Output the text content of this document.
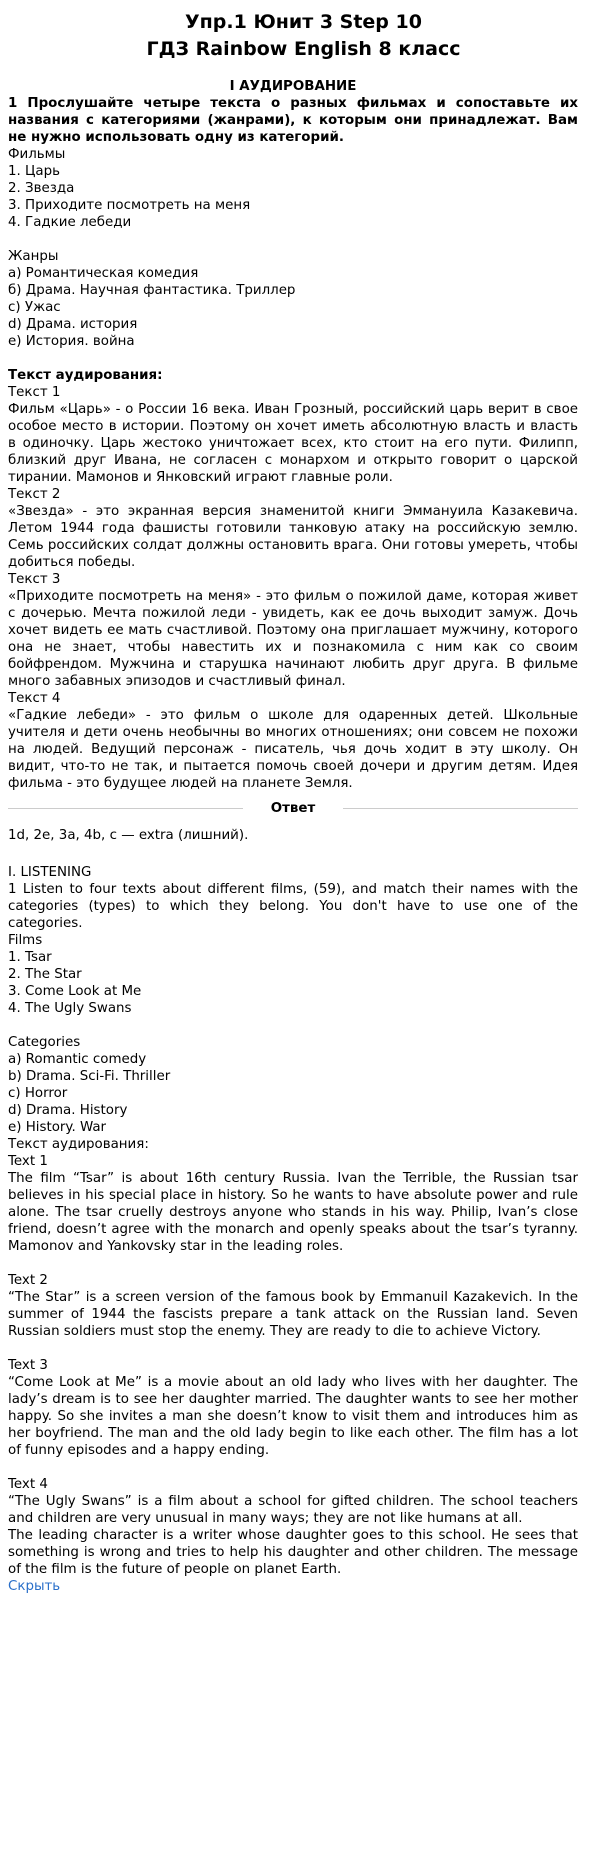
Упр.1 Юнит 3 Step 10
ГДЗ Rainbow English 8 класс
I АУДИРОВАНИЕ

1 Прослушайте четыре текста о разных фильмах и сопоставьте их названия с категориями (жанрами), к которым они принадлежат. Вам не нужно использовать одну из категорий.

Фильмы
1. Царь
2. Звезда
3. Приходите посмотреть на меня
4. Гадкие лебеди
Жанры
а) Романтическая комедия
б) Драма. Научная фантастика. Триллер
c) Ужас
d) Драма. история
e) История. война
Текст аудирования:
Текст 1

Фильм «Царь» - о России 16 века. Иван Грозный, российский царь верит в свое особое место в истории. Поэтому он хочет иметь абсолютную власть и власть в одиночку. Царь жестоко уничтожает всех, кто стоит на его пути. Филипп, близкий друг Ивана, не согласен с монархом и открыто говорит о царской тирании. Мамонов и Янковский играют главные роли.

Текст 2

«Звезда» - это экранная версия знаменитой книги Эммануила Казакевича. Летом 1944 года фашисты готовили танковую атаку на российскую землю. Семь российских солдат должны остановить врага. Они готовы умереть, чтобы добиться победы.

Текст 3

«Приходите посмотреть на меня» - это фильм о пожилой даме, которая живет с дочерью. Мечта пожилой леди - увидеть, как ее дочь выходит замуж. Дочь хочет видеть ее мать счастливой. Поэтому она приглашает мужчину, которого она не знает, чтобы навестить их и познакомила с ним как со своим бойфрендом. Мужчина и старушка начинают любить друг друга. В фильме много забавных эпизодов и счастливый финал.

Текст 4

«Гадкие лебеди» - это фильм о школе для одаренных детей. Школьные учителя и дети очень необычны во многих отношениях; они совсем не похожи на людей. Ведущий персонаж - писатель, чья дочь ходит в эту школу. Он видит, что-то не так, и пытается помочь своей дочери и другим детям. Идея фильма - это будущее людей на планете Земля.

Ответ
1d, 2e, 3a, 4b, c — extra (лишний).
I. LISTENING

1 Listen to four texts about different films, (59), and match their names with the categories (types) to which they belong. You don't have to use one of the categories.

Films
1. Tsar
2. The Star
3. Come Look at Me
4. The Ugly Swans
Categories
a) Romantic comedy
b) Drama. Sci-Fi. Thriller
c) Horror
d) Drama. History
e) History. War
Текст аудирования:
Text 1

The film “Tsar” is about 16th century Russia. Ivan the Terrible, the Russian tsar believes in his special place in history. So he wants to have absolute power and rule alone. The tsar cruelly destroys anyone who stands in his way. Philip, Ivan’s close friend, doesn’t agree with the monarch and openly speaks about the tsar’s tyranny. Mamonov and Yankovsky star in the leading roles.

Text 2

“The Star” is a screen version of the famous book by Emmanuil Kazakevich. In the summer of 1944 the fascists prepare a tank attack on the Russian land. Seven Russian soldiers must stop the enemy. They are ready to die to achieve Victory.

Text 3

“Come Look at Me” is a movie about an old lady who lives with her daughter. The lady’s dream is to see her daughter married. The daughter wants to see her mother happy. So she invites a man she doesn’t know to visit them and introduces him as her boyfriend. The man and the old lady begin to like each other. The film has a lot of funny episodes and a happy ending.

Text 4

“The Ugly Swans” is a film about a school for gifted children. The school teachers and children are very unusual in many ways; they are not like humans at all.

The leading character is a writer whose daughter goes to this school. He sees that something is wrong and tries to help his daughter and other children. The message of the film is the future of people on planet Earth.

Скрыть
